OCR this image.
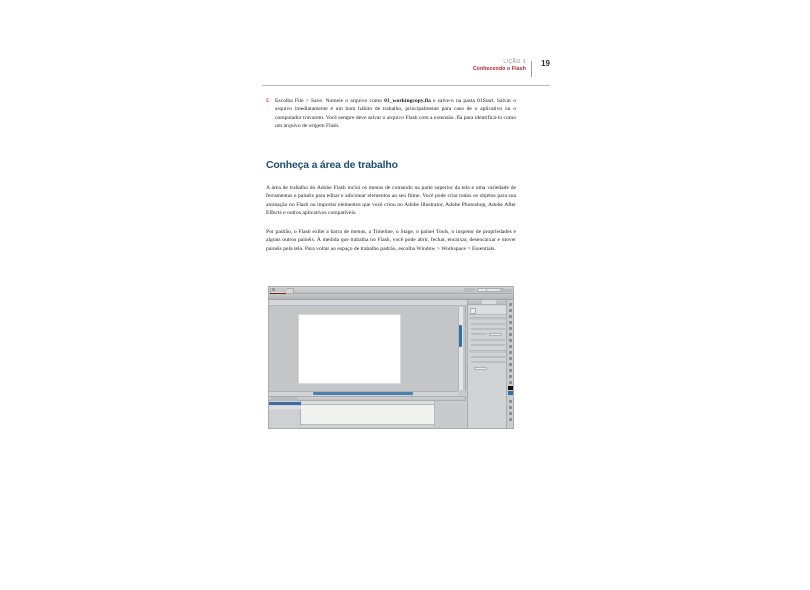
LIÇÃO 1
Conhecendo o Flash
19
5 Escolha File > Save. Nomeie o arquivo como 01_workingcopy.fla e salve-o na pasta 01Start. Salvar o arquivo imediatamente é um bom hábito de trabalho, principalmente para caso de o aplicativo ou o computador travarem. Você sempre deve salvar o arquivo Flash com a extensão .fla para identificá-lo como um arquivo de origem Flash.
Conheça a área de trabalho

A área de trabalho do Adobe Flash inclui os menus de comando na parte superior da tela e uma variedade de ferramentas e painéis para editar e adicionar elementos ao seu filme. Você pode criar todos os objetos para sua animação no Flash ou importar elementos que você criou no Adobe Illustrator, Adobe Photoshop, Adobe After Effects e outros aplicativos compatíveis.

Por padrão, o Flash exibe a barra de menus, a Timeline, o Stage, o painel Tools, o inspetor de propriedades e alguns outros painéis. À medida que trabalha no Flash, você pode abrir, fechar, encaixar, desencaixar e mover painéis pela tela. Para voltar ao espaço de trabalho padrão, escolha Window > Workspace > Essentials.
